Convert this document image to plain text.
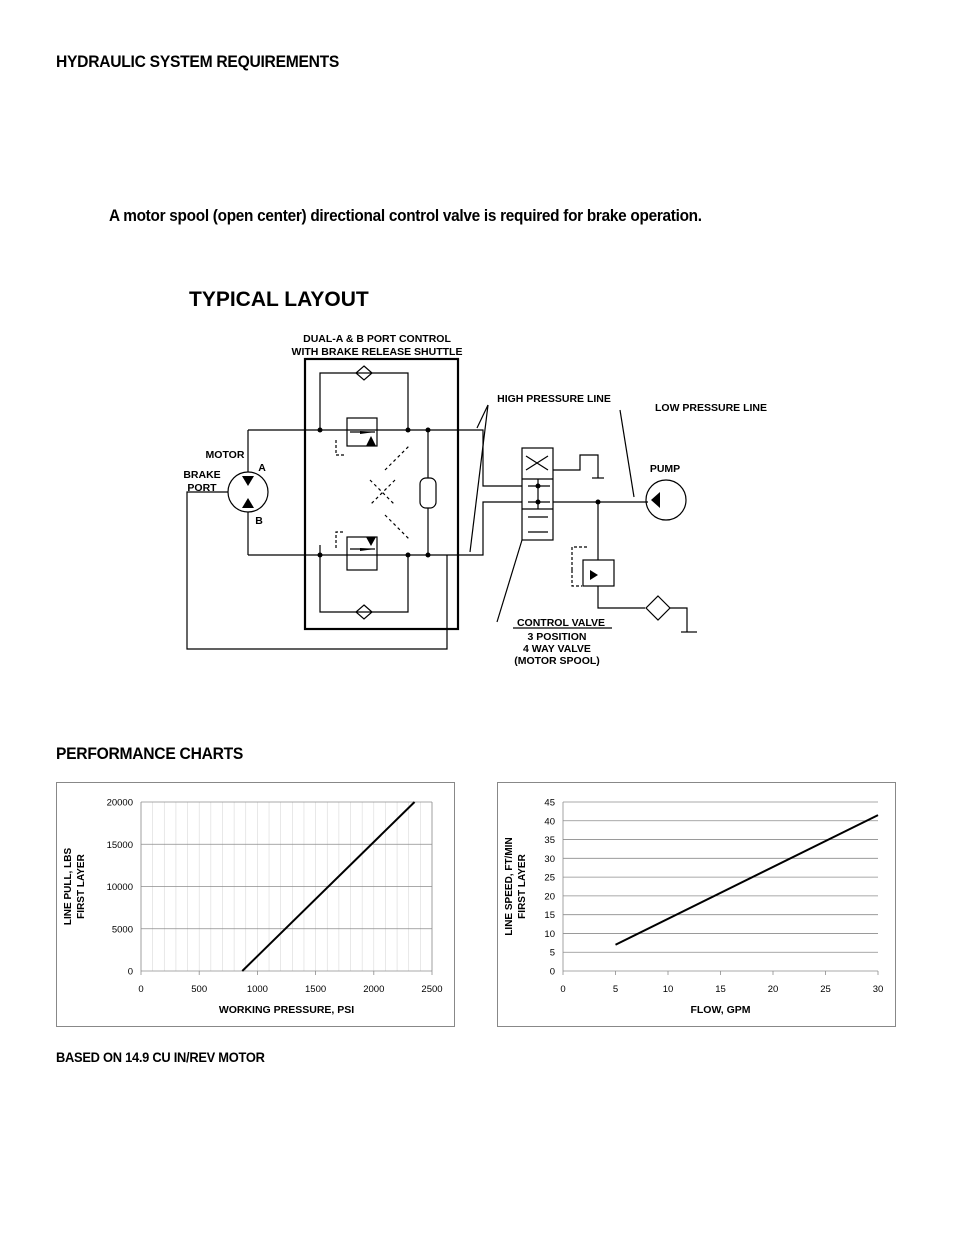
HYDRAULIC SYSTEM REQUIREMENTS
A motor spool (open center) directional control valve is required for brake operation.
TYPICAL LAYOUT
DUAL-A & B PORT CONTROL
WITH BRAKE RELEASE SHUTTLE
HIGH PRESSURE LINE
LOW PRESSURE LINE
MOTOR
A
B
BRAKE
PORT
PUMP
CONTROL VALVE
3 POSITION
4 WAY VALVE
(MOTOR SPOOL)
PERFORMANCE CHARTS
0
5000
10000
15000
20000
0	500	1000	1500	2000	2500
WORKING PRESSURE, PSI
LINE PULL, LBS FIRST LAYER
0
5
10
15
20
25
30
35
40
45
0	5	10	15	20	25	30
FLOW, GPM
LINE SPEED, FT/MIN FIRST LAYER
BASED ON 14.9 CU IN/REV MOTOR
